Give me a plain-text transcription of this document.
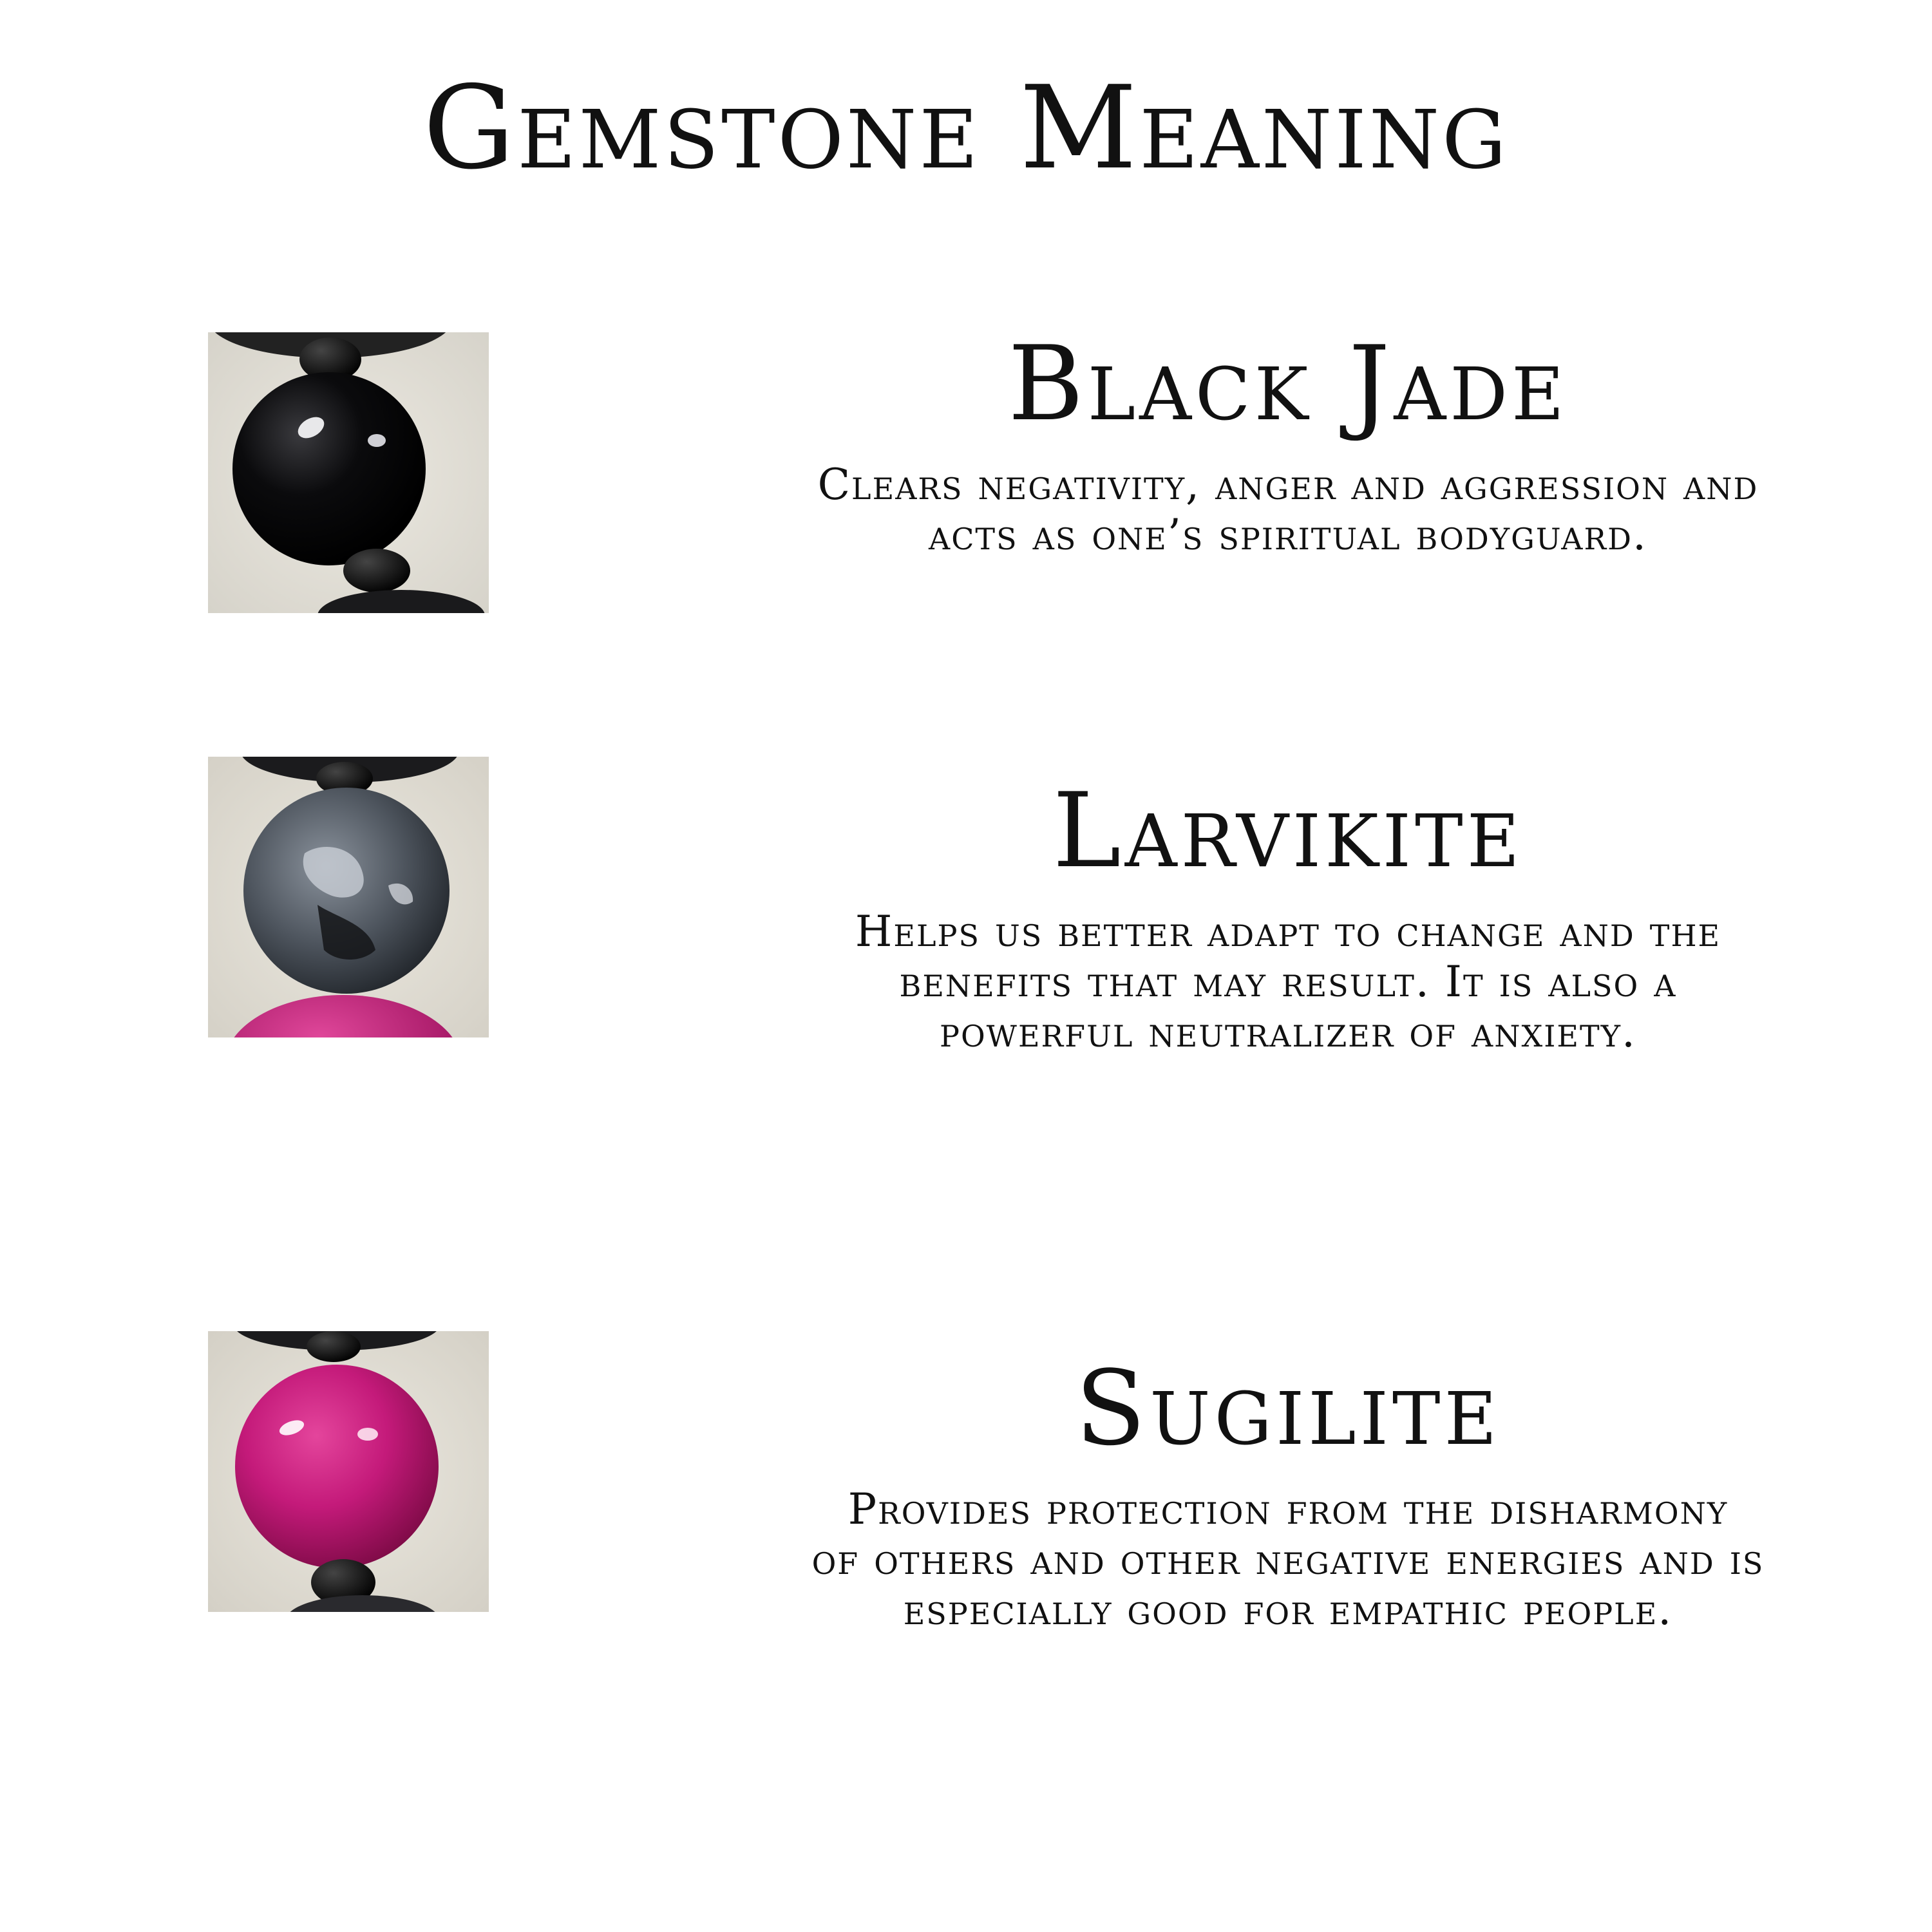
Gemstone Meaning
Black Jade
Clears negativity, anger and aggression and
acts as one’s spiritual bodyguard.
Larvikite
Helps us better adapt to change and the
benefits that may result. It is also a
powerful neutralizer of anxiety.
Sugilite
Provides protection from the disharmony
of others and other negative energies and is
especially good for empathic people.
